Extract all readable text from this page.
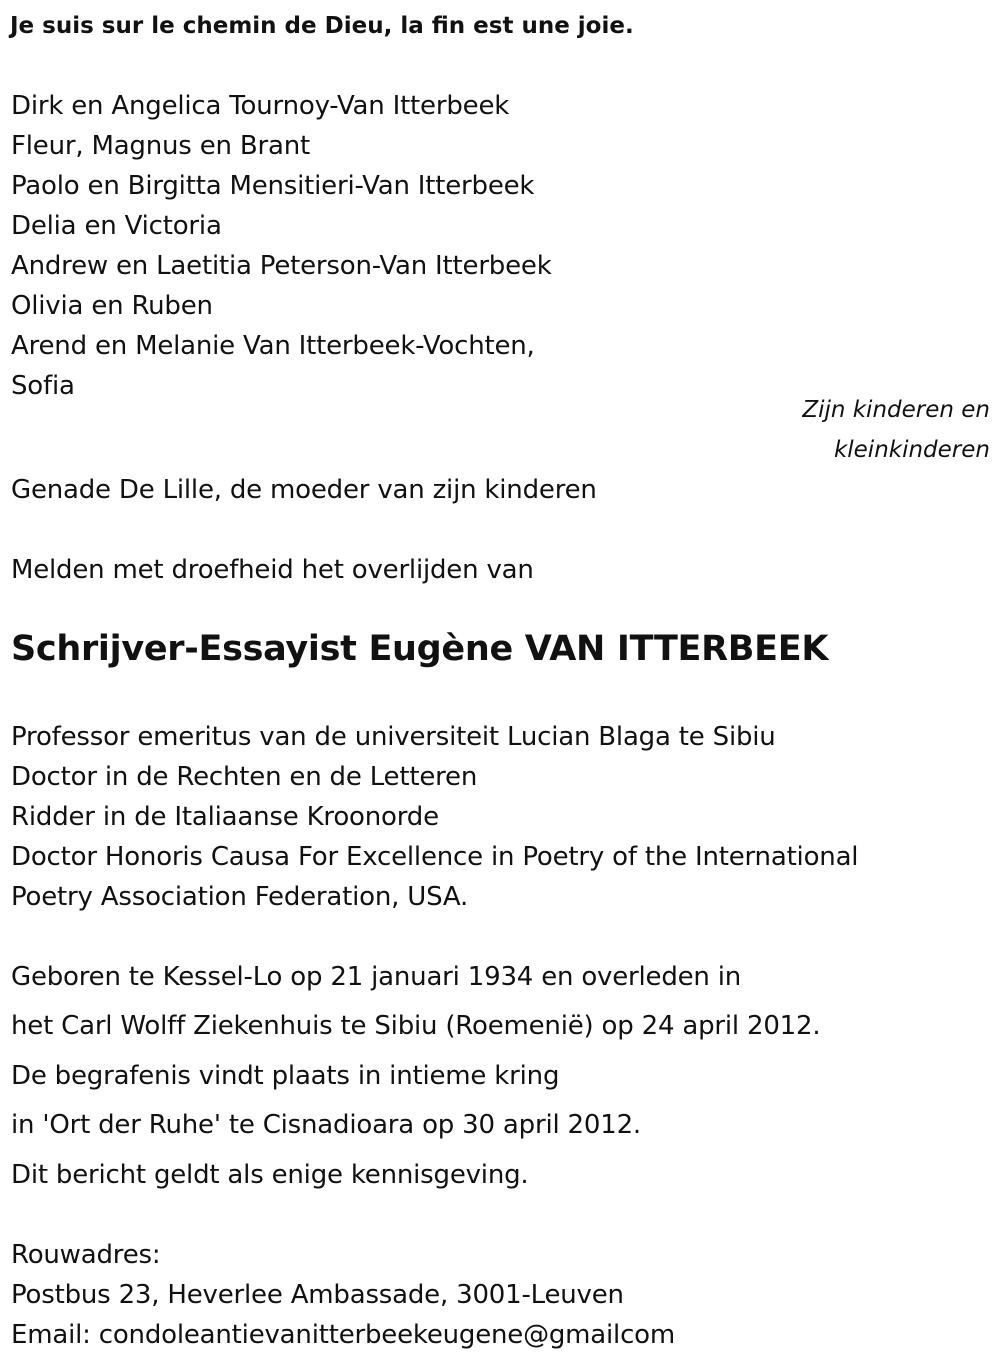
Je suis sur le chemin de Dieu, la fin est une joie.
Dirk en Angelica Tournoy-Van Itterbeek
Fleur, Magnus en Brant
Paolo en Birgitta Mensitieri-Van Itterbeek
Delia en Victoria
Andrew en Laetitia Peterson-Van Itterbeek
Olivia en Ruben
Arend en Melanie Van Itterbeek-Vochten,
Sofia
Zijn kinderen en
kleinkinderen
Genade De Lille, de moeder van zijn kinderen
Melden met droefheid het overlijden van
Schrijver-Essayist Eugène VAN ITTERBEEK
Professor emeritus van de universiteit Lucian Blaga te Sibiu
Doctor in de Rechten en de Letteren
Ridder in de Italiaanse Kroonorde
Doctor Honoris Causa For Excellence in Poetry of the International
Poetry Association Federation, USA.
Geboren te Kessel-Lo op 21 januari 1934 en overleden in
het Carl Wolff Ziekenhuis te Sibiu (Roemenië) op 24 april 2012.
De begrafenis vindt plaats in intieme kring
in 'Ort der Ruhe' te Cisnadioara op 30 april 2012.
Dit bericht geldt als enige kennisgeving.
Rouwadres:
Postbus 23, Heverlee Ambassade, 3001-Leuven
Email: condoleantievanitterbeekeugene@gmailcom
